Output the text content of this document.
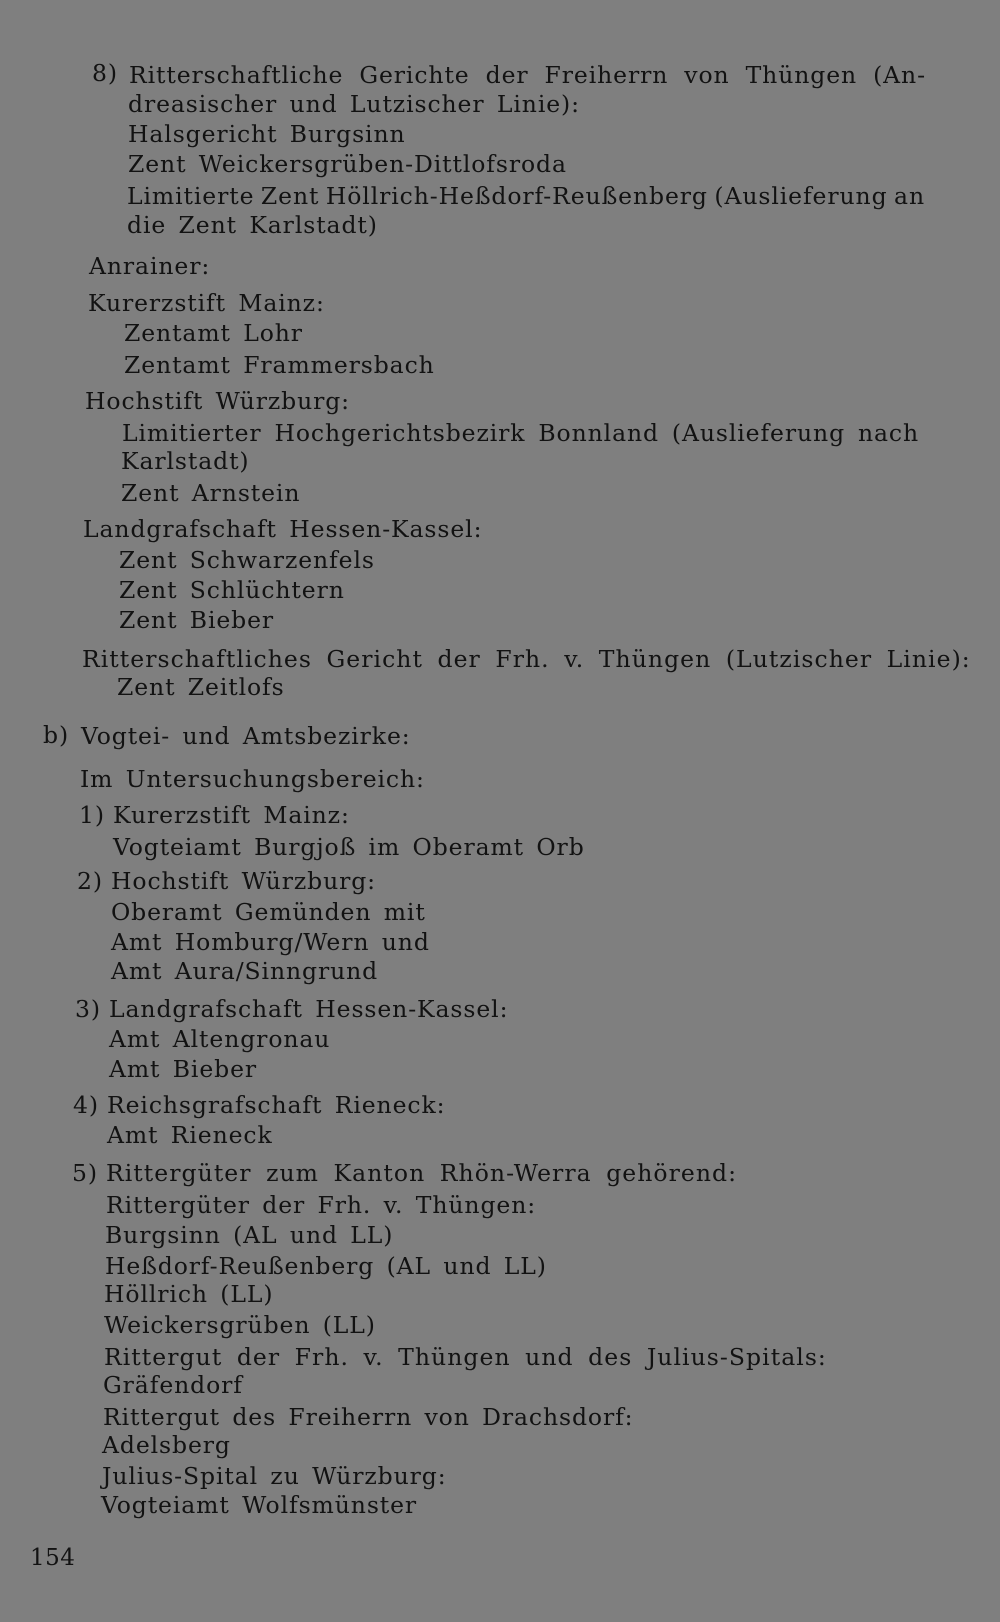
8) Ritterschaftliche Gerichte der Freiherrn von Thüngen (An-
dreasischer und Lutzischer Linie):
Halsgericht Burgsinn
Zent Weickersgrüben-Dittlofsroda
Limitierte Zent Höllrich-Heßdorf-Reußenberg (Auslieferung an
die Zent Karlstadt)
Anrainer:
Kurerzstift Mainz:
Zentamt Lohr
Zentamt Frammersbach
Hochstift Würzburg:
Limitierter Hochgerichtsbezirk Bonnland (Auslieferung nach
Karlstadt)
Zent Arnstein
Landgrafschaft Hessen-Kassel:
Zent Schwarzenfels
Zent Schlüchtern
Zent Bieber
Ritterschaftliches Gericht der Frh. v. Thüngen (Lutzischer Linie):
Zent Zeitlofs
b) Vogtei- und Amtsbezirke:
Im Untersuchungsbereich:
1) Kurerzstift Mainz:
Vogteiamt Burgjoß im Oberamt Orb
2) Hochstift Würzburg:
Oberamt Gemünden mit
Amt Homburg/Wern und
Amt Aura/Sinngrund
3) Landgrafschaft Hessen-Kassel:
Amt Altengronau
Amt Bieber
4) Reichsgrafschaft Rieneck:
Amt Rieneck
5) Rittergüter zum Kanton Rhön-Werra gehörend:
Rittergüter der Frh. v. Thüngen:
Burgsinn (AL und LL)
Heßdorf-Reußenberg (AL und LL)
Höllrich (LL)
Weickersgrüben (LL)
Rittergut der Frh. v. Thüngen und des Julius-Spitals:
Gräfendorf
Rittergut des Freiherrn von Drachsdorf:
Adelsberg
Julius-Spital zu Würzburg:
Vogteiamt Wolfsmünster
154
